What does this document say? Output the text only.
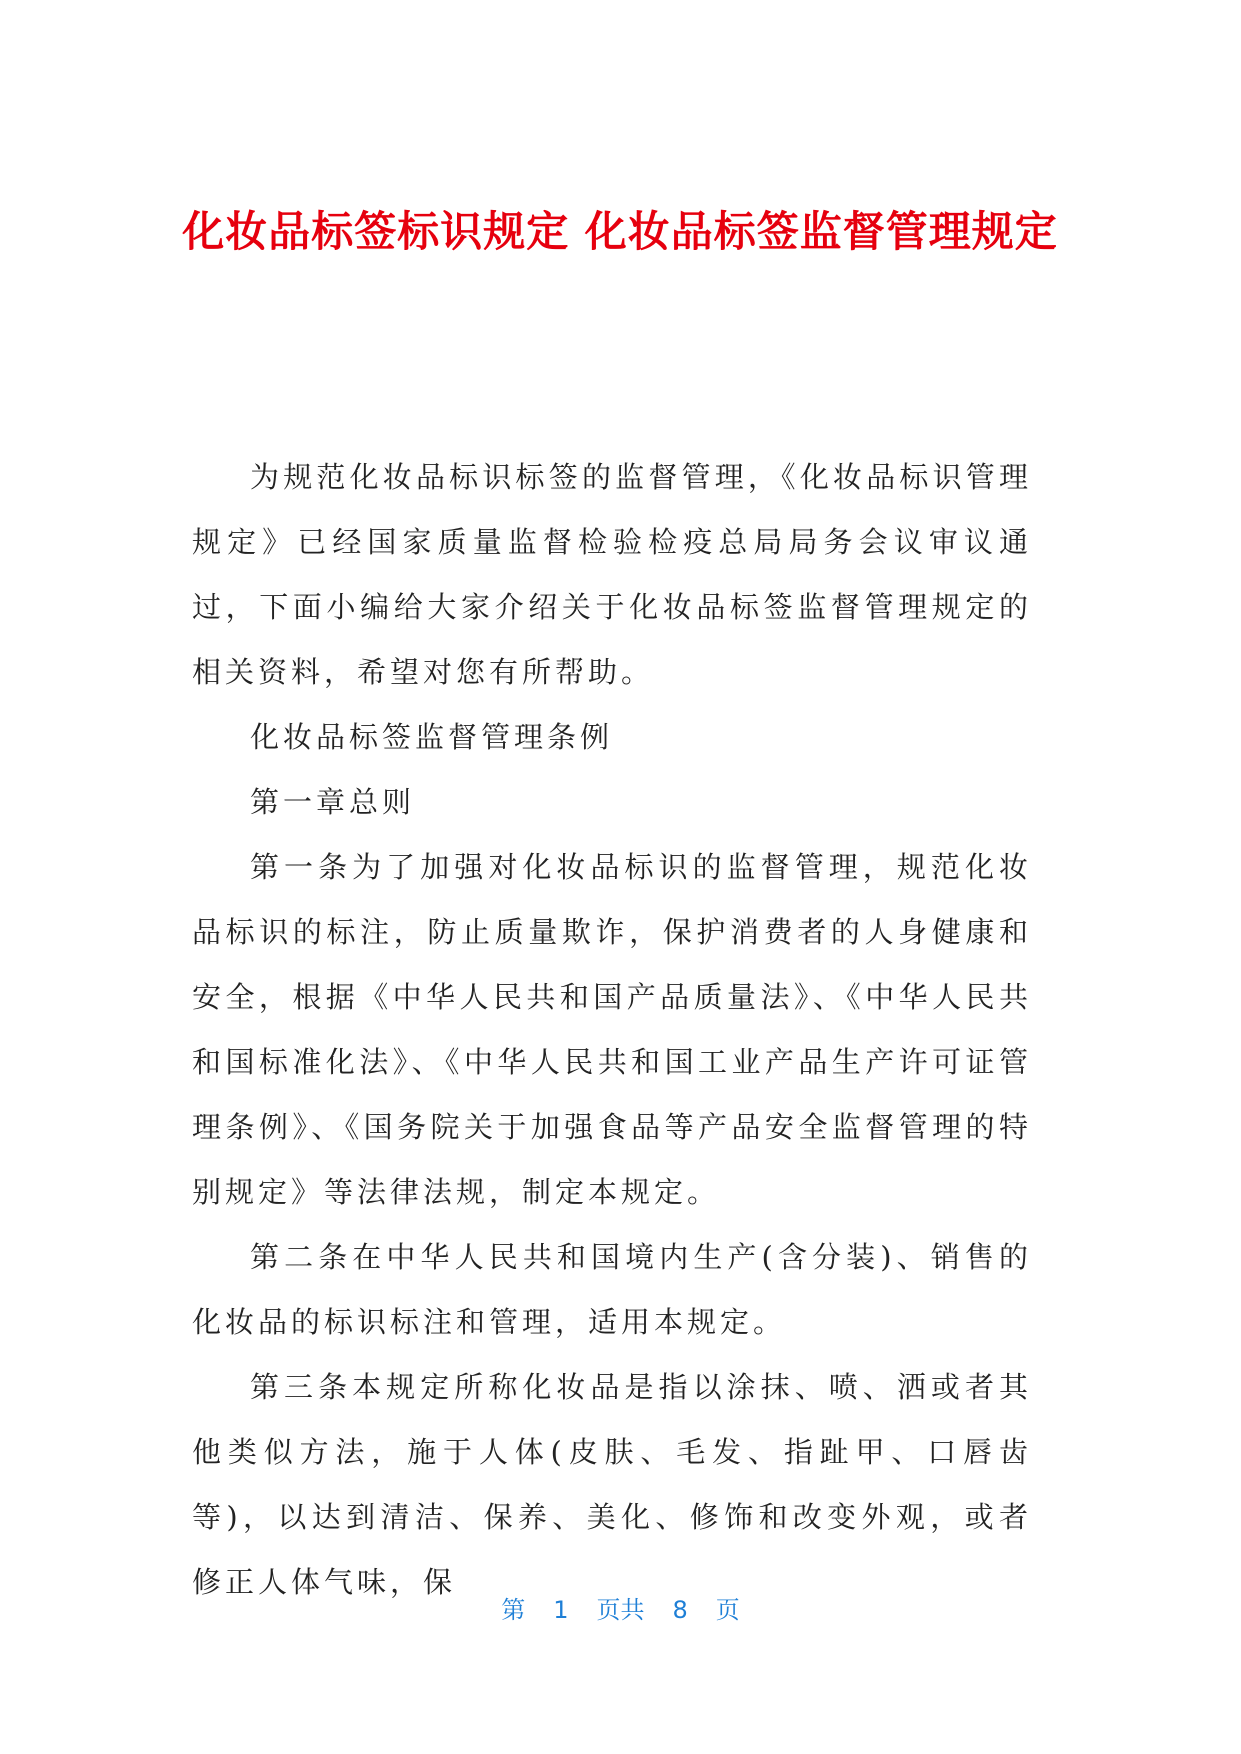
化妆品标签标识规定 化妆品标签监督管理规定

为规范化妆品标识标签的监督管理，《化妆品标识管理规定》已经国家质量监督检验检疫总局局务会议审议通过，下面小编给大家介绍关于化妆品标签监督管理规定的相关资料，希望对您有所帮助。

化妆品标签监督管理条例

第一章总则

第一条为了加强对化妆品标识的监督管理，规范化妆品标识的标注，防止质量欺诈，保护消费者的人身健康和安全，根据《中华人民共和国产品质量法》、《中华人民共和国标准化法》、《中华人民共和国工业产品生产许可证管理条例》、《国务院关于加强食品等产品安全监督管理的特别规定》等法律法规，制定本规定。

第二条在中华人民共和国境内生产(含分装)、销售的化妆品的标识标注和管理，适用本规定。

第三条本规定所称化妆品是指以涂抹、喷、洒或者其他类似方法，施于人体(皮肤、毛发、指趾甲、口唇齿等)，以达到清洁、保养、美化、修饰和改变外观，或者修正人体气味，保

第 1 页共 8 页
